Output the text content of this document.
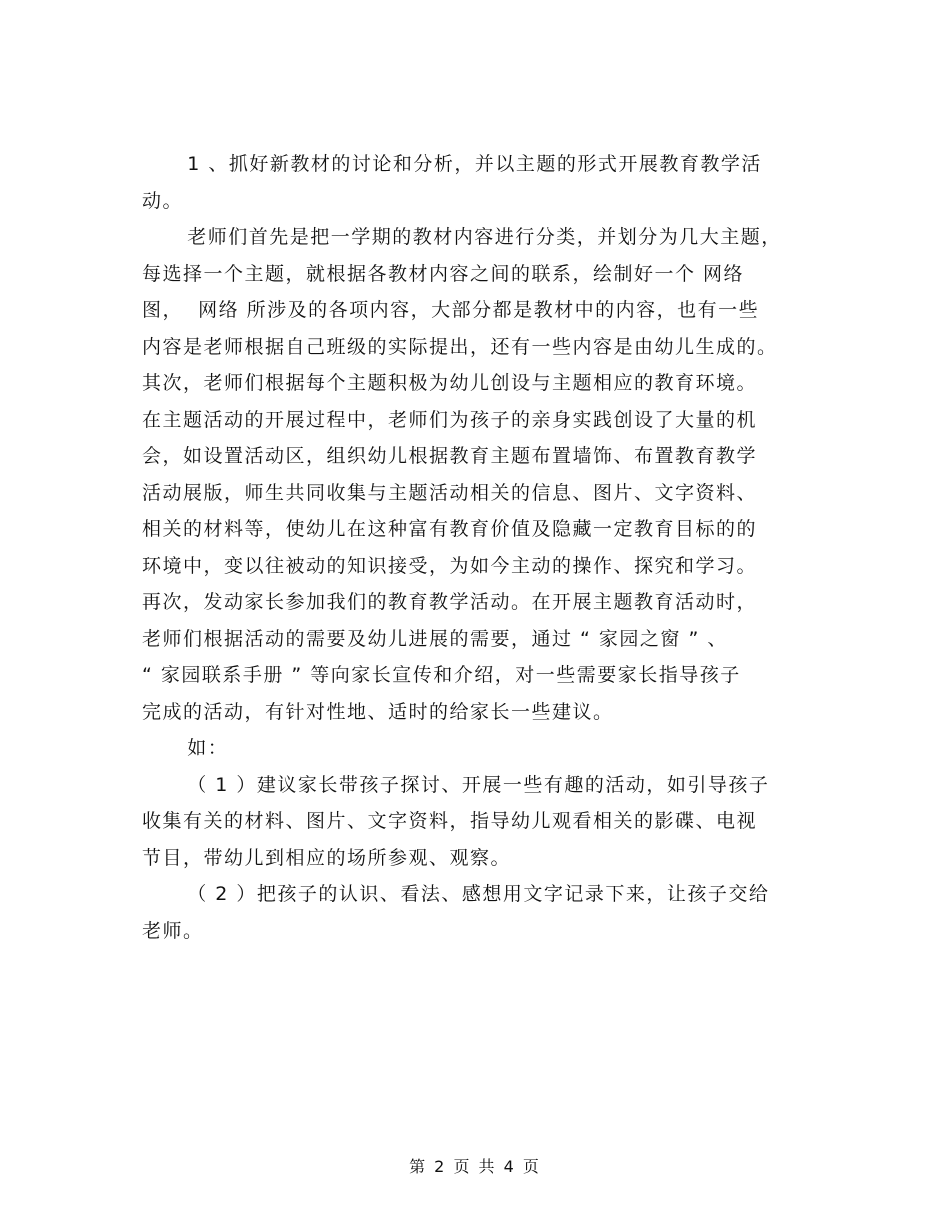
1 、抓好新教材的讨论和分析，并以主题的形式开展教育教学活
动。
老师们首先是把一学期的教材内容进行分类，并划分为几大主题，
每选择一个主题，就根据各教材内容之间的联系，绘制好一个 网络
图，  网络 所涉及的各项内容，大部分都是教材中的内容，也有一些
内容是老师根据自己班级的实际提出，还有一些内容是由幼儿生成的。
其次，老师们根据每个主题积极为幼儿创设与主题相应的教育环境。
在主题活动的开展过程中，老师们为孩子的亲身实践创设了大量的机
会，如设置活动区，组织幼儿根据教育主题布置墙饰、布置教育教学
活动展版，师生共同收集与主题活动相关的信息、图片、文字资料、
相关的材料等，使幼儿在这种富有教育价值及隐藏一定教育目标的的
环境中，变以往被动的知识接受，为如今主动的操作、探究和学习。
再次，发动家长参加我们的教育教学活动。在开展主题教育活动时，
老师们根据活动的需要及幼儿进展的需要，通过 “ 家园之窗 ” 、
“ 家园联系手册 ” 等向家长宣传和介绍，对一些需要家长指导孩子
完成的活动，有针对性地、适时的给家长一些建议。
如：
（ 1 ）建议家长带孩子探讨、开展一些有趣的活动，如引导孩子
收集有关的材料、图片、文字资料，指导幼儿观看相关的影碟、电视
节目，带幼儿到相应的场所参观、观察。
（ 2 ）把孩子的认识、看法、感想用文字记录下来，让孩子交给
老师。
第 2 页 共 4 页
